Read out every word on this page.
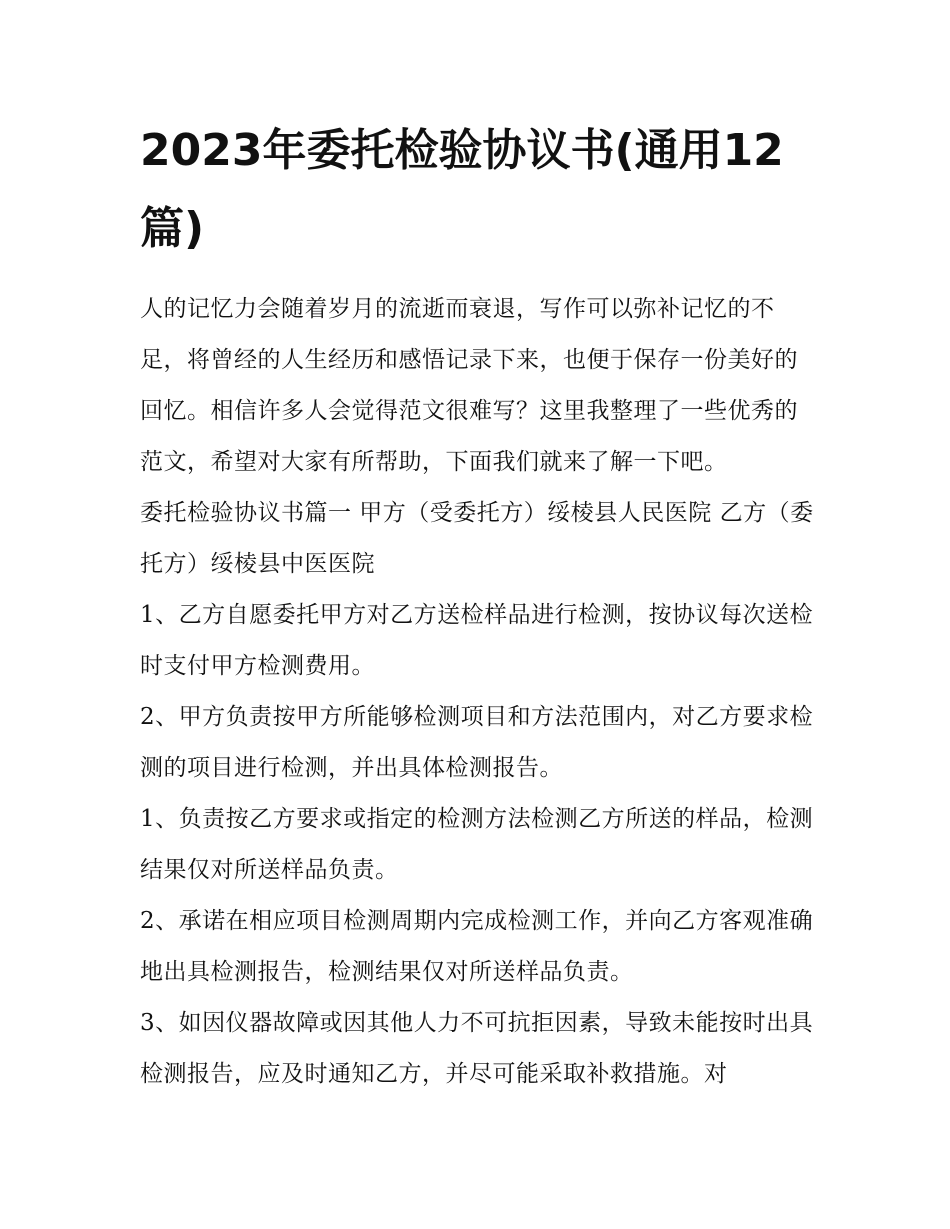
2023年委托检验协议书(通用12篇)

人的记忆力会随着岁月的流逝而衰退，写作可以弥补记忆的不足，将曾经的人生经历和感悟记录下来，也便于保存一份美好的回忆。相信许多人会觉得范文很难写？这里我整理了一些优秀的范文，希望对大家有所帮助，下面我们就来了解一下吧。

委托检验协议书篇一 甲方（受委托方）绥棱县人民医院 乙方（委托方）绥棱县中医医院

1、乙方自愿委托甲方对乙方送检样品进行检测，按协议每次送检时支付甲方检测费用。

2、甲方负责按甲方所能够检测项目和方法范围内，对乙方要求检测的项目进行检测，并出具体检测报告。

1、负责按乙方要求或指定的检测方法检测乙方所送的样品，检测结果仅对所送样品负责。

2、承诺在相应项目检测周期内完成检测工作，并向乙方客观准确地出具检测报告，检测结果仅对所送样品负责。

3、如因仪器故障或因其他人力不可抗拒因素，导致未能按时出具检测报告，应及时通知乙方，并尽可能采取补救措施。对
